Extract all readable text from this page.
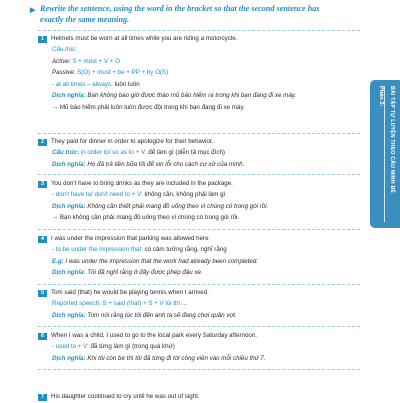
▶ Rewrite the sentence, using the word in the bracket so that the second sentence has exactly the same meaning.
1 Helmets must be worn at all times while you are riding a motorcycle.
Cấu trúc:
Active: S + must + V + O
Passive: S(O) + must + be + PP + by O(S)
- at all times – always: luôn luôn
Dịch nghĩa: Bạn không bao giờ được tháo mũ bảo hiểm ra trong khi bạn đang đi xe máy.
→ Mũ bảo hiểm phải luôn luôn được đội trong khi bạn đang đi xe máy.
2 They paid for dinner in order to apologize for their behavior.
Cấu trúc: in order to/ so as to + V: để làm gì (diễn tả mục đích)
Dịch nghĩa: Họ đã trả tiền bữa tối để xin lỗi cho cách cư xử của mình.
3 You don't have to bring drinks as they are included in the package.
- don't have to/ don't need to + V: không cần, không phải làm gì
Dịch nghĩa: Không cần thiết phải mang đồ uống theo vì chúng có trong gói rồi.
→ Bạn không cần phải mang đồ uống theo vì chúng có trong gói rồi.
4 I was under the impression that parking was allowed here
- to be under the impression that: có cảm tưởng rằng, nghĩ rằng
E.g: I was under the impression that the work had already been completed.
Dịch nghĩa: Tôi đã nghĩ rằng ở đây được phép đậu xe.
5 Tom said (that) he would be playing tennis when I arrived.
Reported speech: S + said (that) + S + V lùi thì ...
Dịch nghĩa: Tom nói rằng lúc tôi đến anh ta sẽ đang chơi quần vợt.
6 When I was a child, I used to go to the local park every Saturday afternoon.
- used to + V: đã từng làm gì (trong quá khứ)
Dịch nghĩa: Khi tôi còn bé thì tôi đã từng đi tới công viên vào mỗi chiều thứ 7.
7 His daughter continued to cry until he was out of sight.
Phần 2: BÀI TẬP TỰ LUYỆN THEO CẤU MINH ĐỀ
